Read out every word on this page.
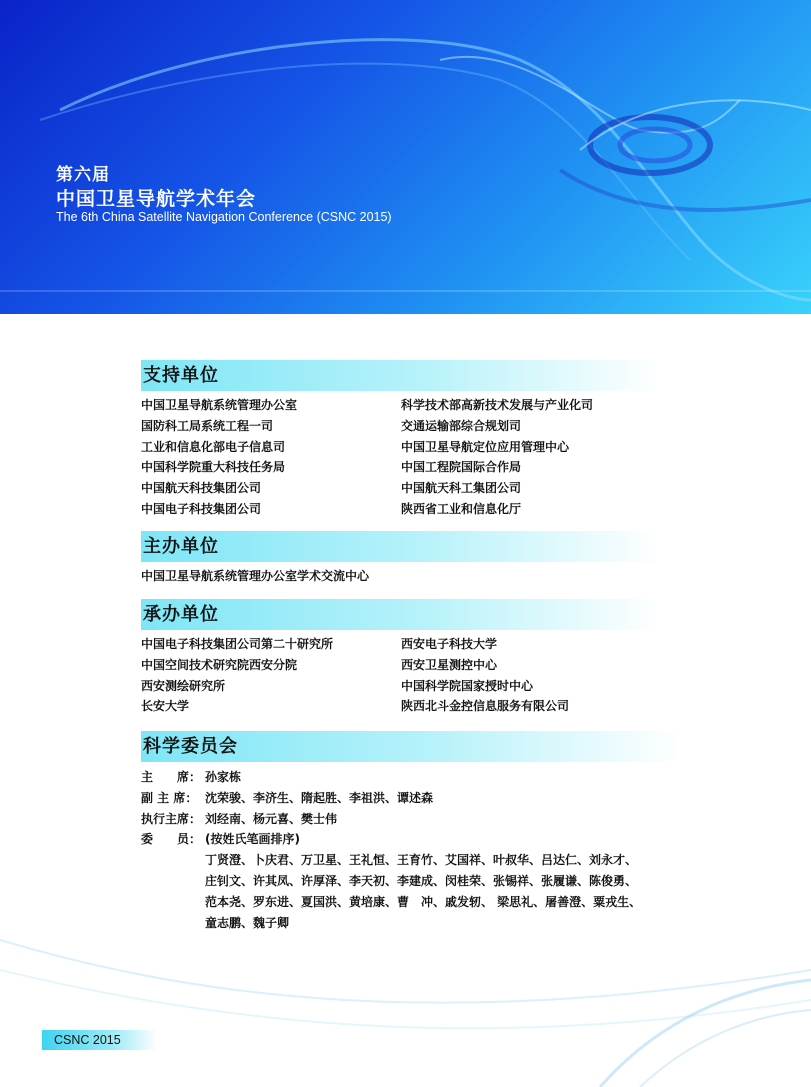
第六届
中国卫星导航学术年会
The 6th China Satellite Navigation Conference (CSNC 2015)
支持单位
中国卫星导航系统管理办公室
国防科工局系统工程一司
工业和信息化部电子信息司
中国科学院重大科技任务局
中国航天科技集团公司
中国电子科技集团公司
科学技术部高新技术发展与产业化司
交通运输部综合规划司
中国卫星导航定位应用管理中心
中国工程院国际合作局
中国航天科工集团公司
陕西省工业和信息化厅
主办单位
中国卫星导航系统管理办公室学术交流中心
承办单位
中国电子科技集团公司第二十研究所
中国空间技术研究院西安分院
西安测绘研究所
长安大学
西安电子科技大学
西安卫星测控中心
中国科学院国家授时中心
陕西北斗金控信息服务有限公司
科学委员会
主　　席： 孙家栋
副 主 席： 沈荣骏、李济生、隋起胜、李祖洪、谭述森
执行主席： 刘经南、杨元喜、樊士伟
委　　员： (按姓氏笔画排序)
丁贤澄、卜庆君、万卫星、王礼恒、王育竹、艾国祥、叶叔华、吕达仁、刘永才、
庄钊文、许其凤、许厚泽、李天初、李建成、闵桂荣、张锡祥、张履谦、陈俊勇、
范本尧、罗东进、夏国洪、黄培康、曹　冲、戚发轫、 梁思礼、屠善澄、粟戎生、
童志鹏、魏子卿
CSNC 2015
